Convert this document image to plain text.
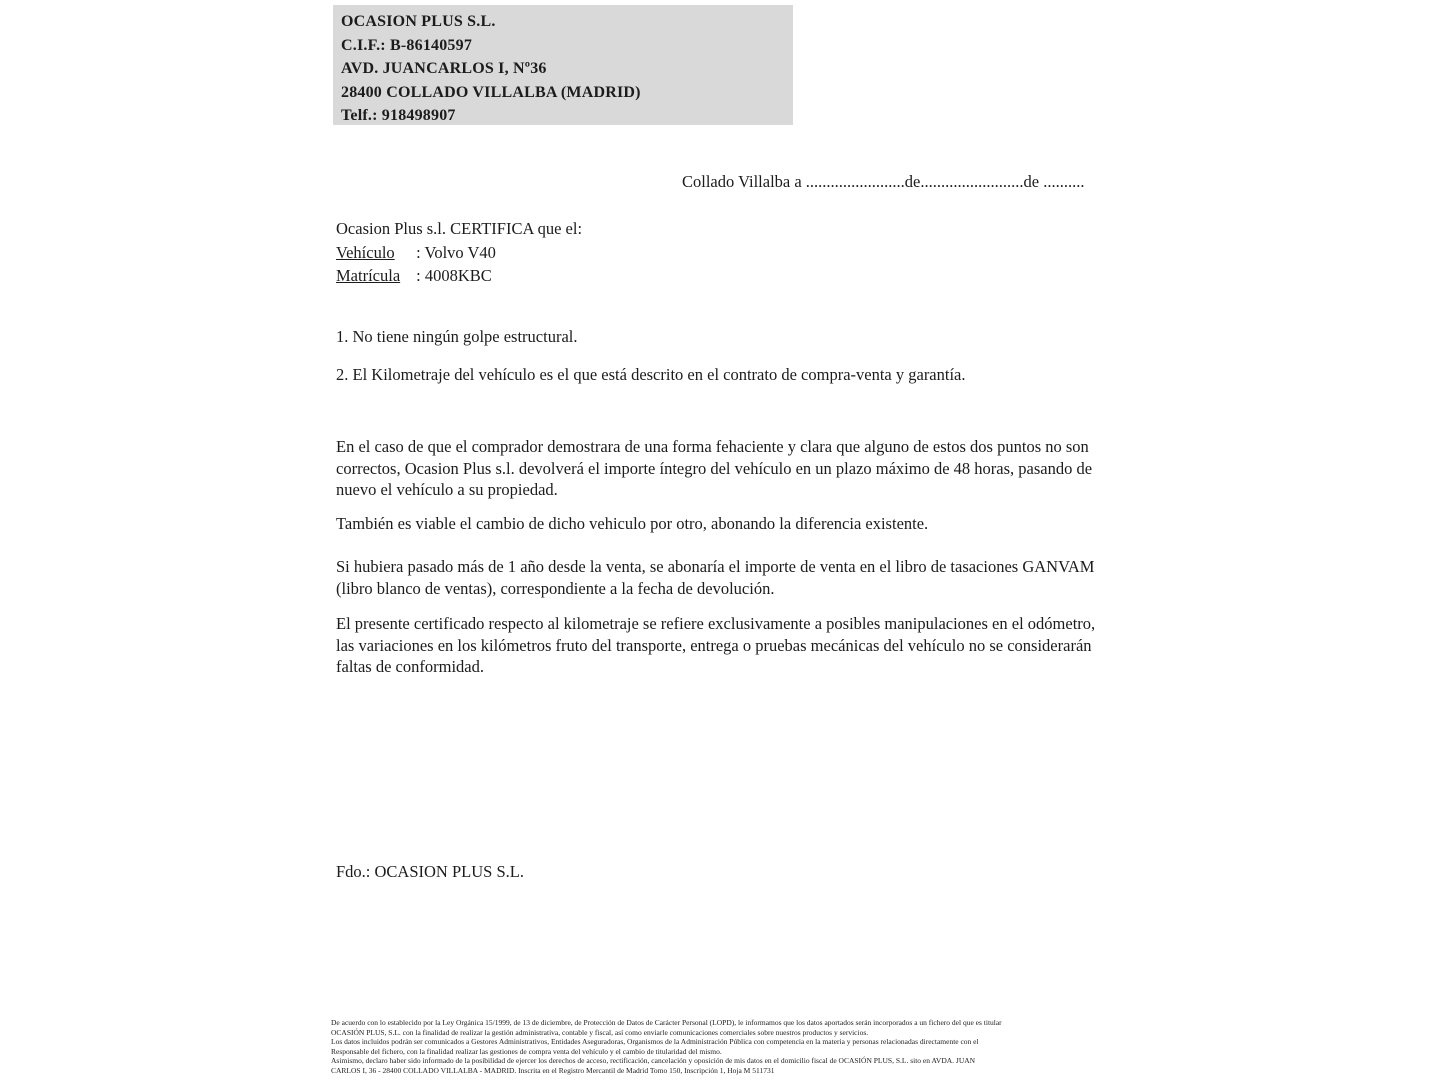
OCASION PLUS S.L.
C.I.F.: B-86140597
AVD. JUANCARLOS I, Nº36
28400 COLLADO VILLALBA (MADRID)
Telf.: 918498907
Collado Villalba a ........................de.........................de ..........
Ocasion Plus s.l. CERTIFICA que el:
Vehículo : Volvo V40
Matrícula : 4008KBC
1. No tiene ningún golpe estructural.
2. El Kilometraje del vehículo es el que está descrito en el contrato de compra-venta y garantía.
En el caso de que el comprador demostrara de una forma fehaciente y clara que alguno de estos dos puntos no son correctos, Ocasion Plus s.l. devolverá el importe íntegro del vehículo en un plazo máximo de 48 horas, pasando de nuevo el vehículo a su propiedad.
También es viable el cambio de dicho vehiculo por otro, abonando la diferencia existente.
Si hubiera pasado más de 1 año desde la venta, se abonaría el importe de venta en el libro de tasaciones GANVAM (libro blanco de ventas), correspondiente a la fecha de devolución.
El presente certificado respecto al kilometraje se refiere exclusivamente a posibles manipulaciones en el odómetro, las variaciones en los kilómetros fruto del transporte, entrega o pruebas mecánicas del vehículo no se considerarán faltas de conformidad.
Fdo.: OCASION PLUS S.L.
De acuerdo con lo establecido por la Ley Orgánica 15/1999, de 13 de diciembre, de Protección de Datos de Carácter Personal (LOPD), le informamos que los datos aportados serán incorporados a un fichero del que es titular
OCASIÓN PLUS, S.L. con la finalidad de realizar la gestión administrativa, contable y fiscal, así como enviarle comunicaciones comerciales sobre nuestros productos y servicios.
Los datos incluidos podrán ser comunicados a Gestores Administrativos, Entidades Aseguradoras, Organismos de la Administración Pública con competencia en la materia y personas relacionadas directamente con el
Responsable del fichero, con la finalidad realizar las gestiones de compra venta del vehículo y el cambio de titularidad del mismo.
Asimismo, declaro haber sido informado de la posibilidad de ejercer los derechos de acceso, rectificación, cancelación y oposición de mis datos en el domicilio fiscal de OCASIÓN PLUS, S.L. sito en AVDA. JUAN
CARLOS I, 36 - 28400 COLLADO VILLALBA - MADRID. Inscrita en el Registro Mercantil de Madrid Tomo 150, Inscripción 1, Hoja M 511731
